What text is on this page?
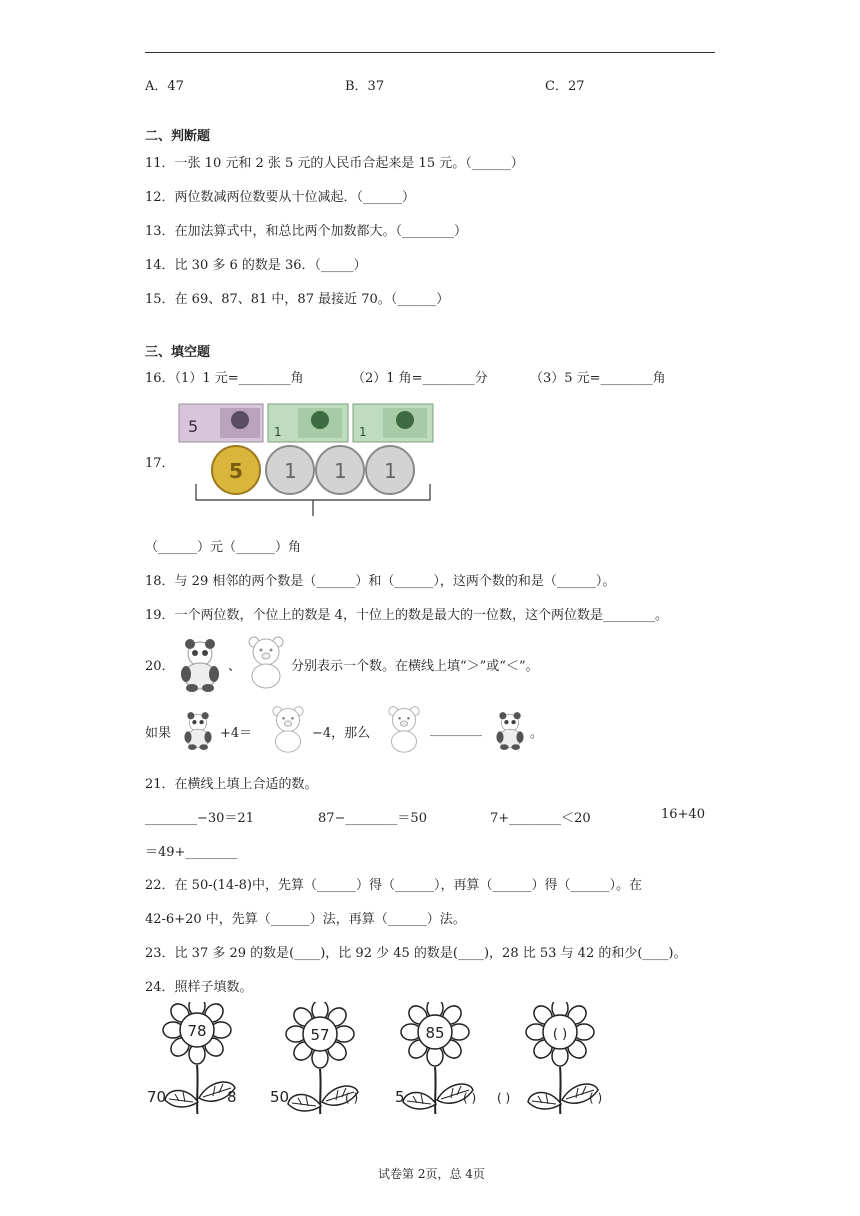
A．47	B．37	C．27
二、判断题
11．一张 10 元和 2 张 5 元的人民币合起来是 15 元。（______）
12．两位数减两位数要从十位减起．（______）
13．在加法算式中，和总比两个加数都大。（________）
14．比 30 多 6 的数是 36．（_____）
15．在 69、87、81 中，87 最接近 70。（______）
三、填空题
16．（1）1 元=________角	（2）1 角=________分	（3）5 元=________角
17．
5	1	1
5 1 1 1
（______）元（______）角
18．与 29 相邻的两个数是（______）和（______），这两个数的和是（______）。
19．一个两位数，个位上的数是 4，十位上的数是最大的一位数，这个两位数是________。
20．	、	分别表示一个数。在横线上填“＞”或“＜”。
如果	+4＝	−4，那么	________	。
21．在横线上填上合适的数。
________−30＝21	87−________＝50	7+________＜20	16+40
＝49+________
22．在 50-(14-8)中，先算（______）得（______），再算（______）得（______）。在
42-6+20 中，先算（______）法，再算（______）法。
23．比 37 多 29 的数是(____)，比 92 少 45 的数是(____)，28 比 53 与 42 的和少(____)。
24．照样子填数。
78	57	85	( )
70	8 50	( ) 5	( ) ( )	( )
试卷第 2页，总 4页
